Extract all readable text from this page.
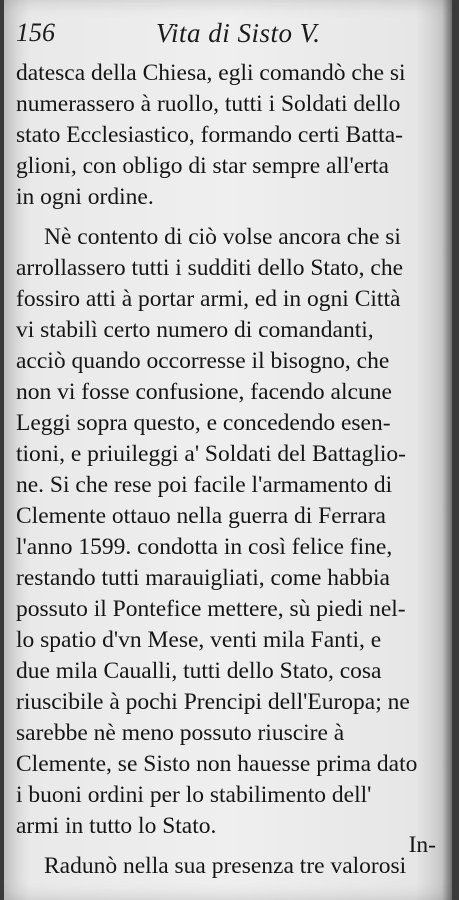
156	Vita di Sisto V.
datesca della Chiesa, egli comandò che si
numerassero à ruollo, tutti i Soldati dello
stato Ecclesiastico, formando certi Batta-
glioni, con obligo di star sempre all'erta
in ogni ordine.
Nè contento di ciò volse ancora che si
arrollassero tutti i sudditi dello Stato, che
fossiro atti à portar armi, ed in ogni Città
vi stabilì certo numero di comandanti,
acciò quando occorresse il bisogno, che
non vi fosse confusione, facendo alcune
Leggi sopra questo, e concedendo esen-
tioni, e priuileggi a' Soldati del Battaglio-
ne. Si che rese poi facile l'armamento di
Clemente ottauo nella guerra di Ferrara
l'anno 1599. condotta in così felice fine,
restando tutti marauigliati, come habbia
possuto il Pontefice mettere, sù piedi nel-
lo spatio d'vn Mese, venti mila Fanti, e
due mila Caualli, tutti dello Stato, cosa
riuscibile à pochi Prencipi dell'Europa; ne
sarebbe nè meno possuto riuscire à
Clemente, se Sisto non hauesse prima dato
i buoni ordini per lo stabilimento dell'
armi in tutto lo Stato.
Radunò nella sua presenza tre valorosi
In-
